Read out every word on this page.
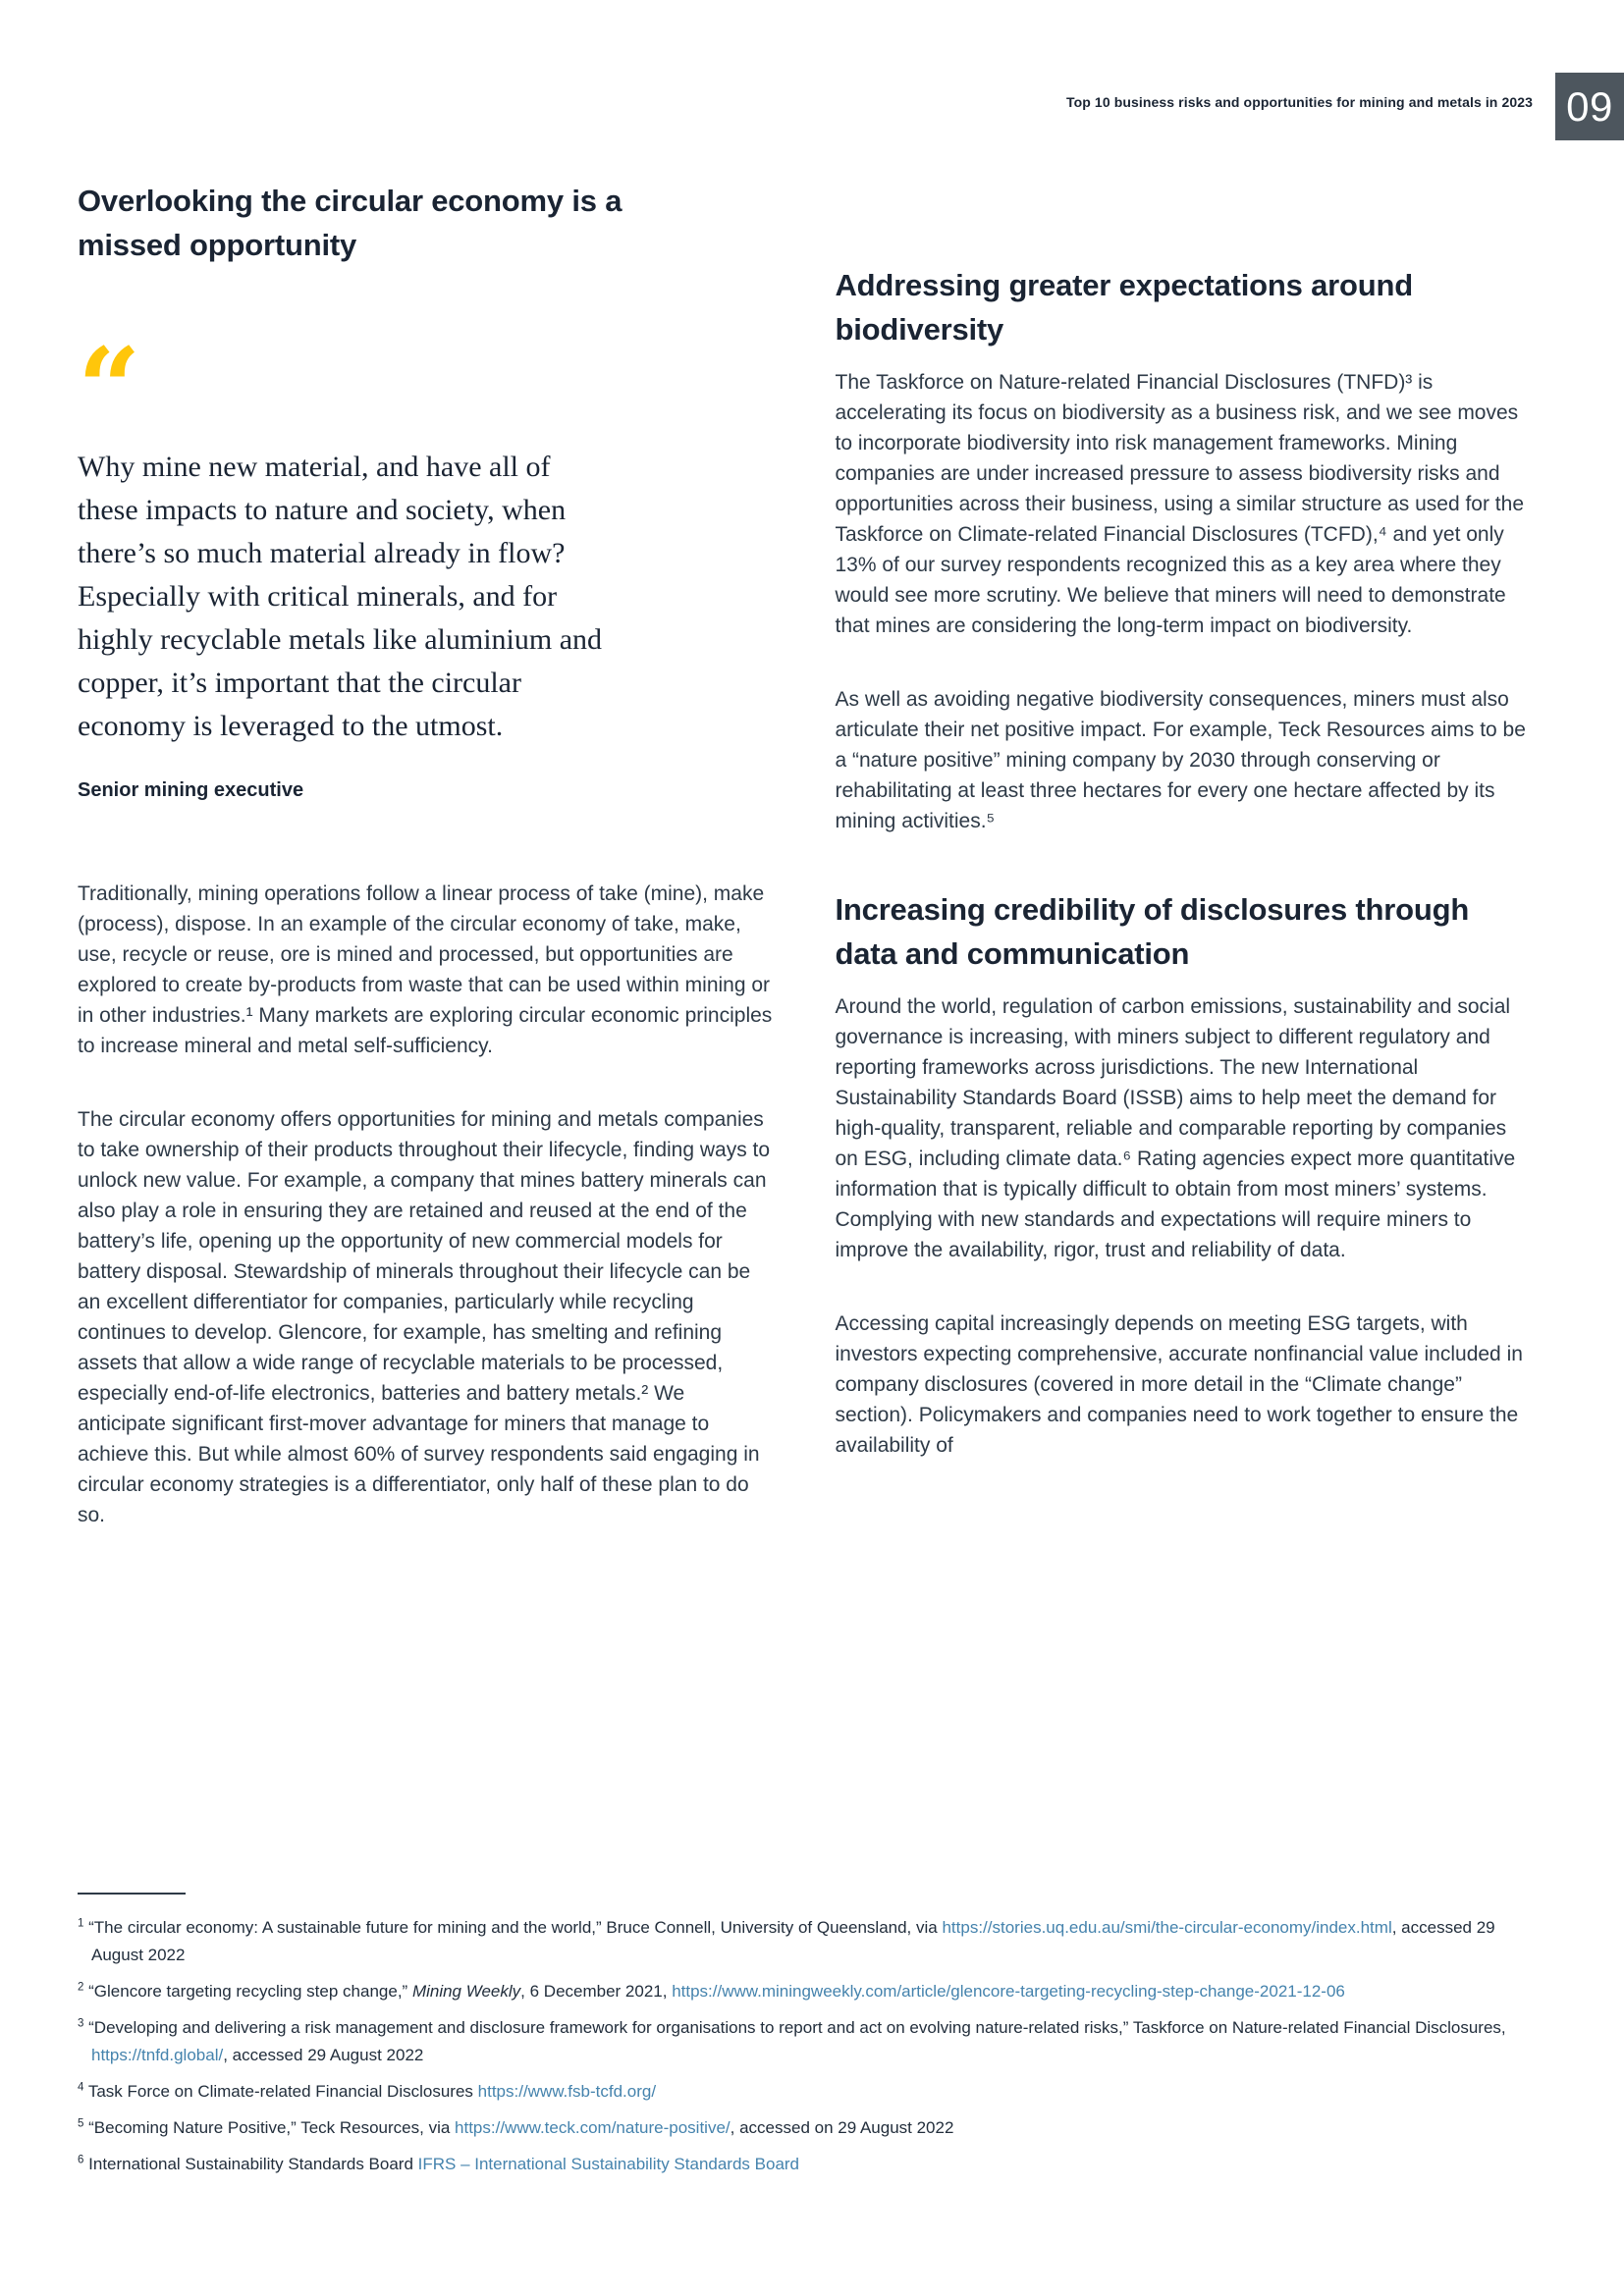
Top 10 business risks and opportunities for mining and metals in 2023 09
Overlooking the circular economy is a missed opportunity
“
Why mine new material, and have all of these impacts to nature and society, when there’s so much material already in flow? Especially with critical minerals, and for highly recyclable metals like aluminium and copper, it’s important that the circular economy is leveraged to the utmost.
Senior mining executive

Traditionally, mining operations follow a linear process of take (mine), make (process), dispose. In an example of the circular economy of take, make, use, recycle or reuse, ore is mined and processed, but opportunities are explored to create by-products from waste that can be used within mining or in other industries.¹ Many markets are exploring circular economic principles to increase mineral and metal self-sufficiency.

The circular economy offers opportunities for mining and metals companies to take ownership of their products throughout their lifecycle, finding ways to unlock new value. For example, a company that mines battery minerals can also play a role in ensuring they are retained and reused at the end of the battery’s life, opening up the opportunity of new commercial models for battery disposal. Stewardship of minerals throughout their lifecycle can be an excellent differentiator for companies, particularly while recycling continues to develop. Glencore, for example, has smelting and refining assets that allow a wide range of recyclable materials to be processed, especially end-of-life electronics, batteries and battery metals.² We anticipate significant first-mover advantage for miners that manage to achieve this. But while almost 60% of survey respondents said engaging in circular economy strategies is a differentiator, only half of these plan to do so.

Addressing greater expectations around biodiversity

The Taskforce on Nature-related Financial Disclosures (TNFD)³ is accelerating its focus on biodiversity as a business risk, and we see moves to incorporate biodiversity into risk management frameworks. Mining companies are under increased pressure to assess biodiversity risks and opportunities across their business, using a similar structure as used for the Taskforce on Climate-related Financial Disclosures (TCFD),⁴ and yet only 13% of our survey respondents recognized this as a key area where they would see more scrutiny. We believe that miners will need to demonstrate that mines are considering the long-term impact on biodiversity.

As well as avoiding negative biodiversity consequences, miners must also articulate their net positive impact. For example, Teck Resources aims to be a “nature positive” mining company by 2030 through conserving or rehabilitating at least three hectares for every one hectare affected by its mining activities.⁵

Increasing credibility of disclosures through data and communication

Around the world, regulation of carbon emissions, sustainability and social governance is increasing, with miners subject to different regulatory and reporting frameworks across jurisdictions. The new International Sustainability Standards Board (ISSB) aims to help meet the demand for high-quality, transparent, reliable and comparable reporting by companies on ESG, including climate data.⁶ Rating agencies expect more quantitative information that is typically difficult to obtain from most miners’ systems. Complying with new standards and expectations will require miners to improve the availability, rigor, trust and reliability of data.

Accessing capital increasingly depends on meeting ESG targets, with investors expecting comprehensive, accurate nonfinancial value included in company disclosures (covered in more detail in the “Climate change” section). Policymakers and companies need to work together to ensure the availability of

$^1$ “The circular economy: A sustainable future for mining and the world,” Bruce Connell, University of Queensland, via https://stories.uq.edu.au/smi/the-circular-economy/index.html, accessed 29 August 2022
$^2$ “Glencore targeting recycling step change,” Mining Weekly, 6 December 2021, https://www.miningweekly.com/article/glencore-targeting-recycling-step-change-2021-12-06
$^3$ “Developing and delivering a risk management and disclosure framework for organisations to report and act on evolving nature-related risks,” Taskforce on Nature-related Financial Disclosures, https://tnfd.global/, accessed 29 August 2022
$^4$ Task Force on Climate-related Financial Disclosures https://www.fsb-tcfd.org/
$^5$ “Becoming Nature Positive,” Teck Resources, via https://www.teck.com/nature-positive/, accessed on 29 August 2022
$^6$ International Sustainability Standards Board IFRS – International Sustainability Standards Board
